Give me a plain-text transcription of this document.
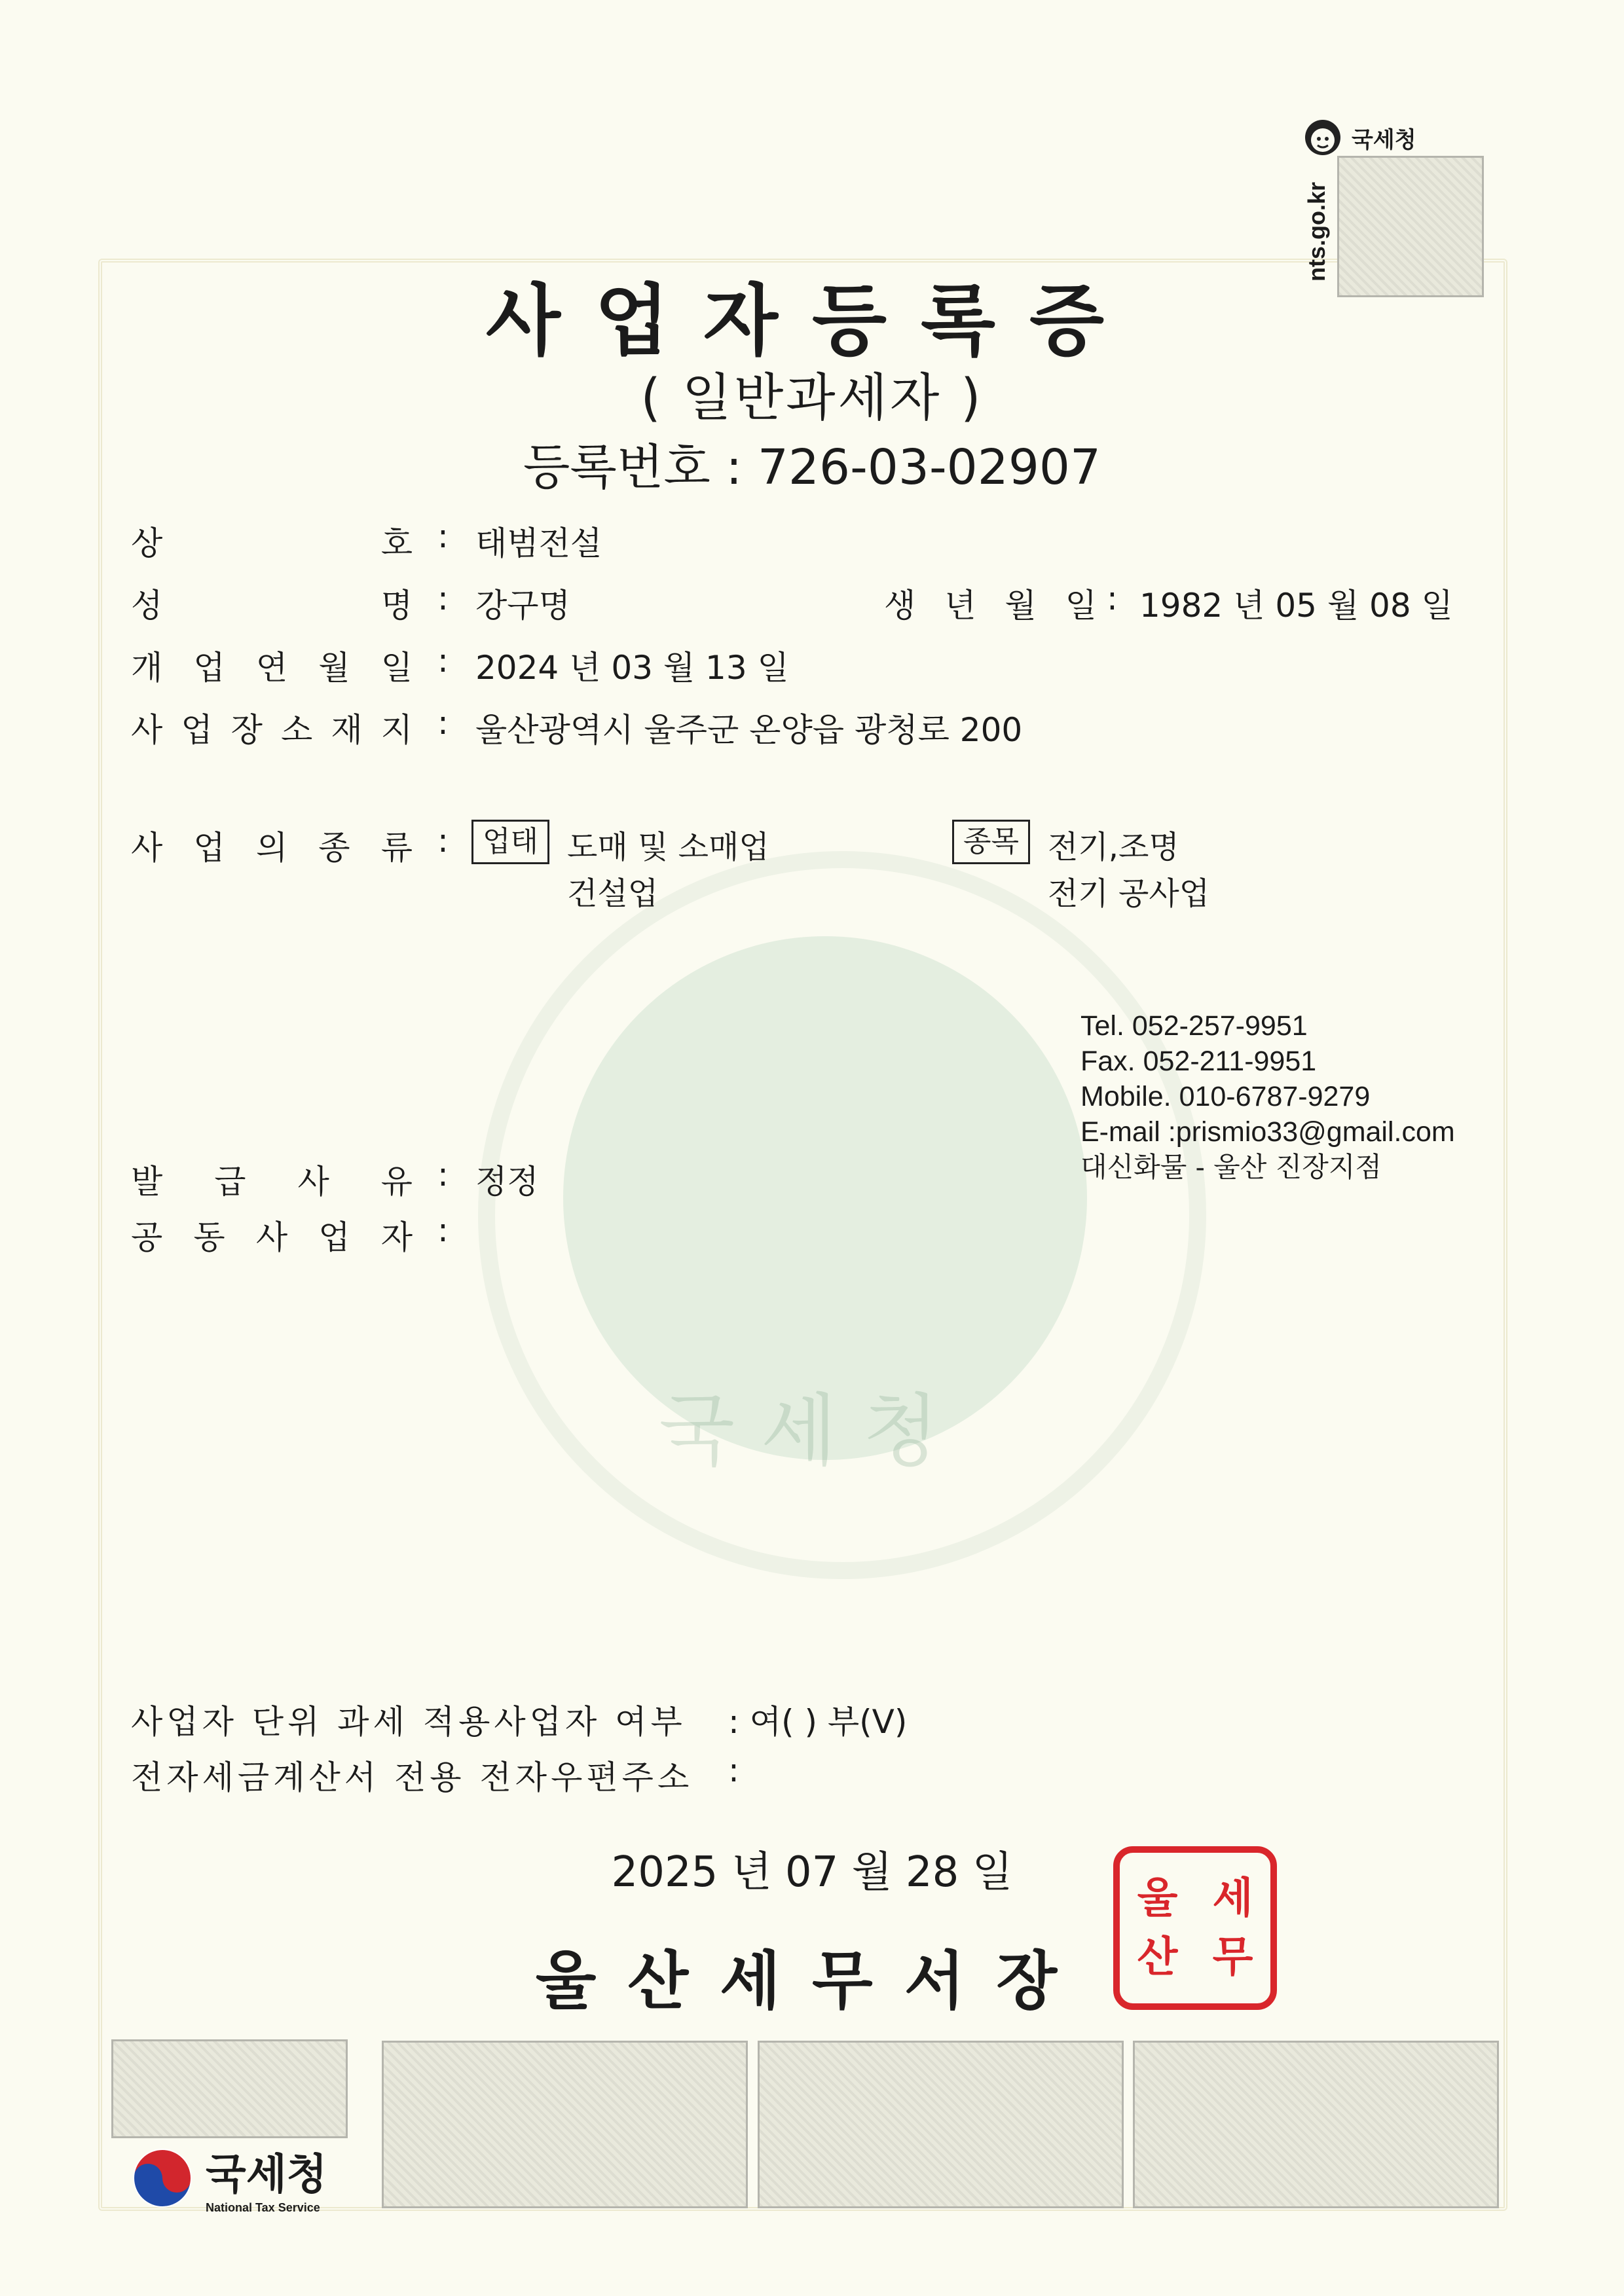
국세청
국세청
nts.go.kr
사업자등록증
( 일반과세자 )
등록번호 : 726-03-02907
상	호 : 태범전설
성	명 : 강구명	생 년 월 일 : 1982 년 05 월 08 일
개 업 연 월 일 : 2024 년 03 월 13 일
사 업 장 소 재 지 : 울산광역시 울주군 온양읍 광청로 200
사 업 의 종 류 :	업태 도매 및 소매업
건설업
종목 전기,조명
전기 공사업
Tel. 052-257-9951
Fax. 052-211-9951
Mobile. 010-6787-9279
E-mail :prismio33@gmail.com
대신화물 - 울산 진장지점
발 급 사 유 : 정정
공 동 사 업 자 :
사업자 단위 과세 적용사업자 여부 : 여( ) 부(V)
전자세금계산서 전용 전자우편주소 :
2025 년 07 월 28 일
울산세무서장
울산
세무
국세청
National Tax Service
